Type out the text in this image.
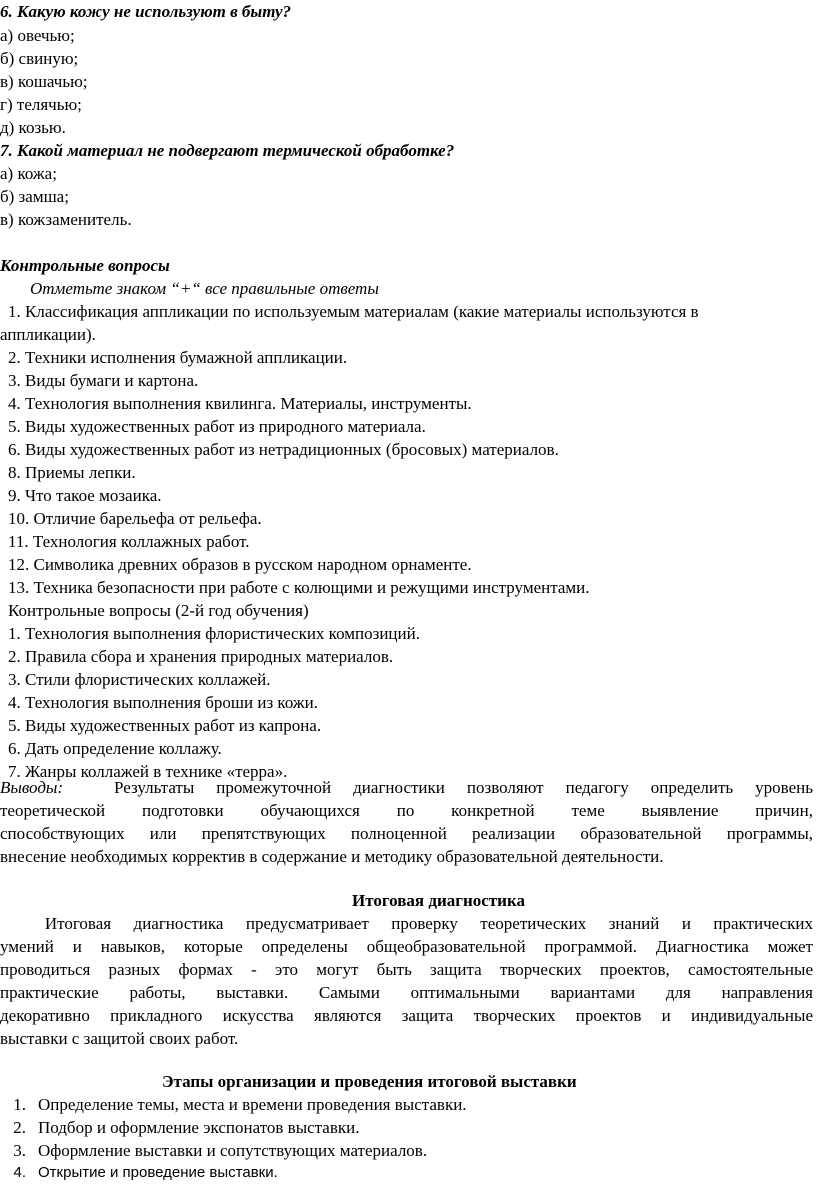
6. Какую кожу не используют в быту?
а) овечью;
б) свиную;
в) кошачью;
г) телячью;
д) козью.
7. Какой материал не подвергают термической обработке?
а) кожа;
б) замша;
в) кожзаменитель.
Контрольные вопросы
Отметьте знаком “+“ все правильные ответы
1. Классификация аппликации по используемым материалам (какие материалы используются в
аппликации).
2. Техники исполнения бумажной аппликации.
3. Виды бумаги и картона.
4. Технология выполнения квилинга. Материалы, инструменты.
5. Виды художественных работ из природного материала.
6. Виды художественных работ из нетрадиционных (бросовых) материалов.
8. Приемы лепки.
9. Что такое мозаика.
10. Отличие барельефа от рельефа.
11. Технология коллажных работ.
12. Символика древних образов в русском народном орнаменте.
13. Техника безопасности при работе с колющими и режущими инструментами.
Контрольные вопросы (2-й год обучения)
1. Технология выполнения флористических композиций.
2. Правила сбора и хранения природных материалов.
3. Стили флористических коллажей.
4. Технология выполнения броши из кожи.
5. Виды художественных работ из капрона.
6. Дать определение коллажу.
7. Жанры коллажей в технике «терра».
Выводы:	Результаты промежуточной диагностики позволяют педагогу определить уровень
теоретической подготовки обучающихся по конкретной теме выявление причин,
способствующих или препятствующих полноценной реализации образовательной программы,
внесение необходимых корректив в содержание и методику образовательной деятельности.
Итоговая диагностика
Итоговая диагностика предусматривает проверку теоретических знаний и практических
умений и навыков, которые определены общеобразовательной программой. Диагностика может
проводиться разных формах - это могут быть защита творческих проектов, самостоятельные
практические работы, выставки. Самыми оптимальными вариантами для направления
декоративно прикладного искусства являются защита творческих проектов и индивидуальные
выставки с защитой своих работ.
Этапы организации и проведения итоговой выставки
1. Определение темы, места и времени проведения выставки.
2. Подбор и оформление экспонатов выставки.
3. Оформление выставки и сопутствующих материалов.
4. Открытие и проведение выставки.
